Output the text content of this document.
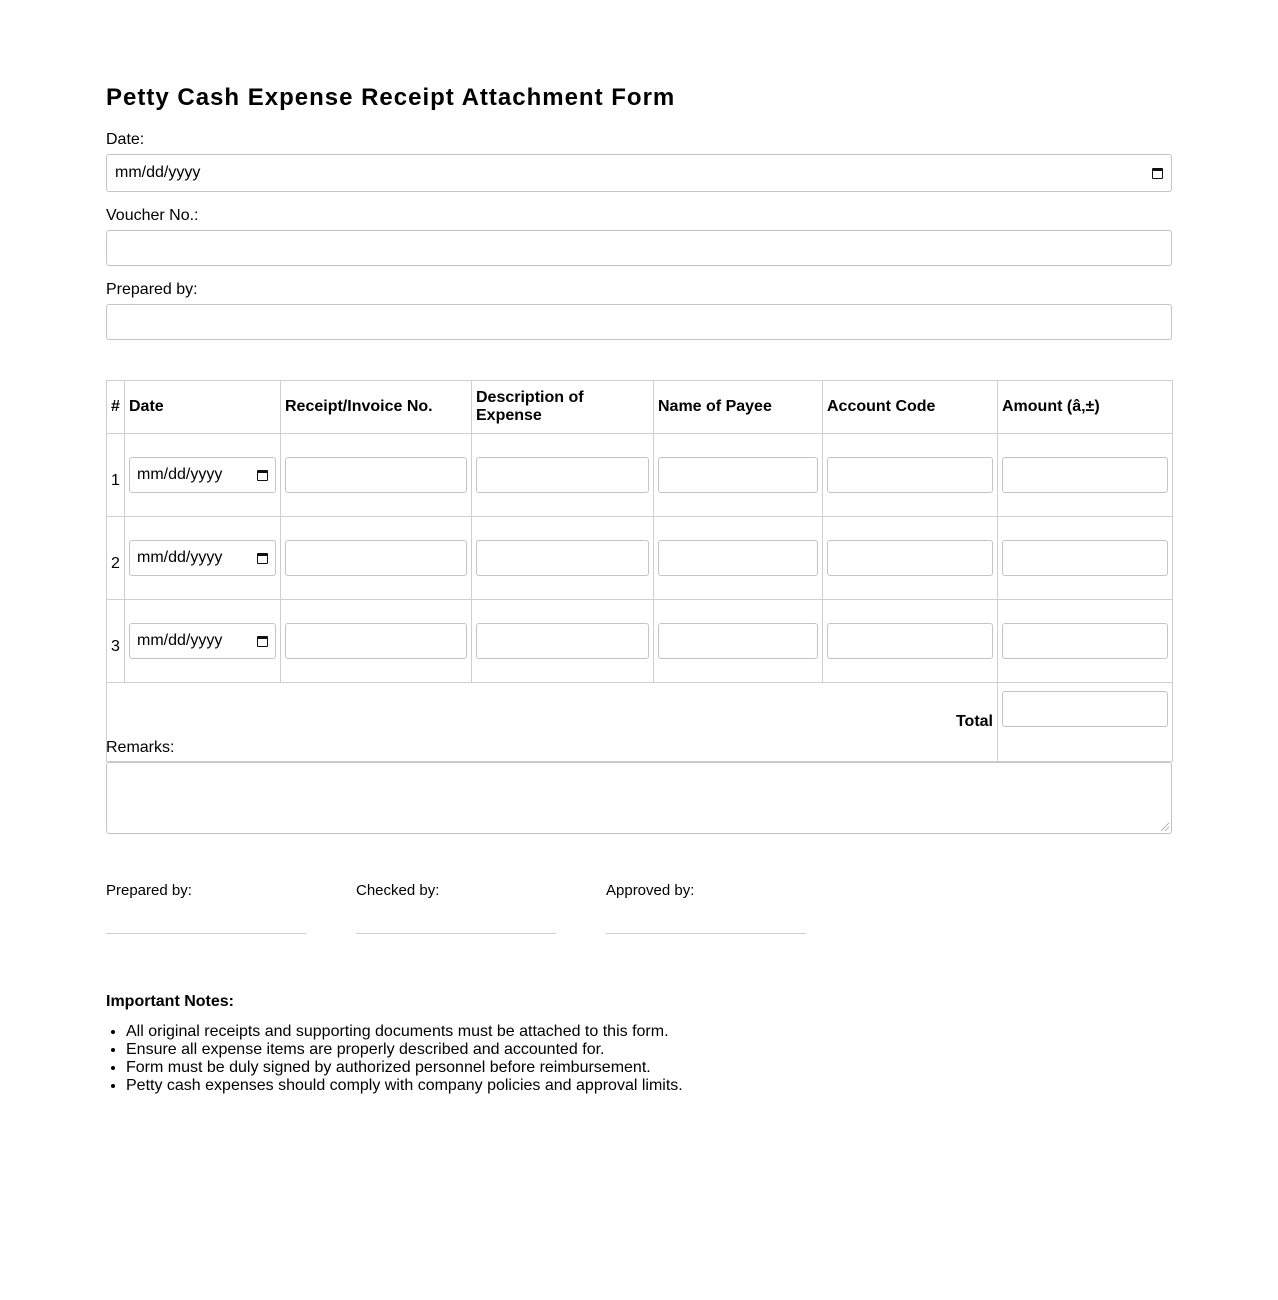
Petty Cash Expense Receipt Attachment Form
Date:
mm/dd/yyyy
Voucher No.:
Prepared by:
#	Date	Receipt/Invoice No.	Description of Expense	Name of Payee	Account Code	Amount (â‚±)
1	mm/dd/yyyy					

2	mm/dd/yyyy					

3	mm/dd/yyyy					

Total						
Remarks:
Prepared by:	Checked by:	Approved by:
Important Notes:
• All original receipts and supporting documents must be attached to this form.
• Ensure all expense items are properly described and accounted for.
• Form must be duly signed by authorized personnel before reimbursement.
• Petty cash expenses should comply with company policies and approval limits.
